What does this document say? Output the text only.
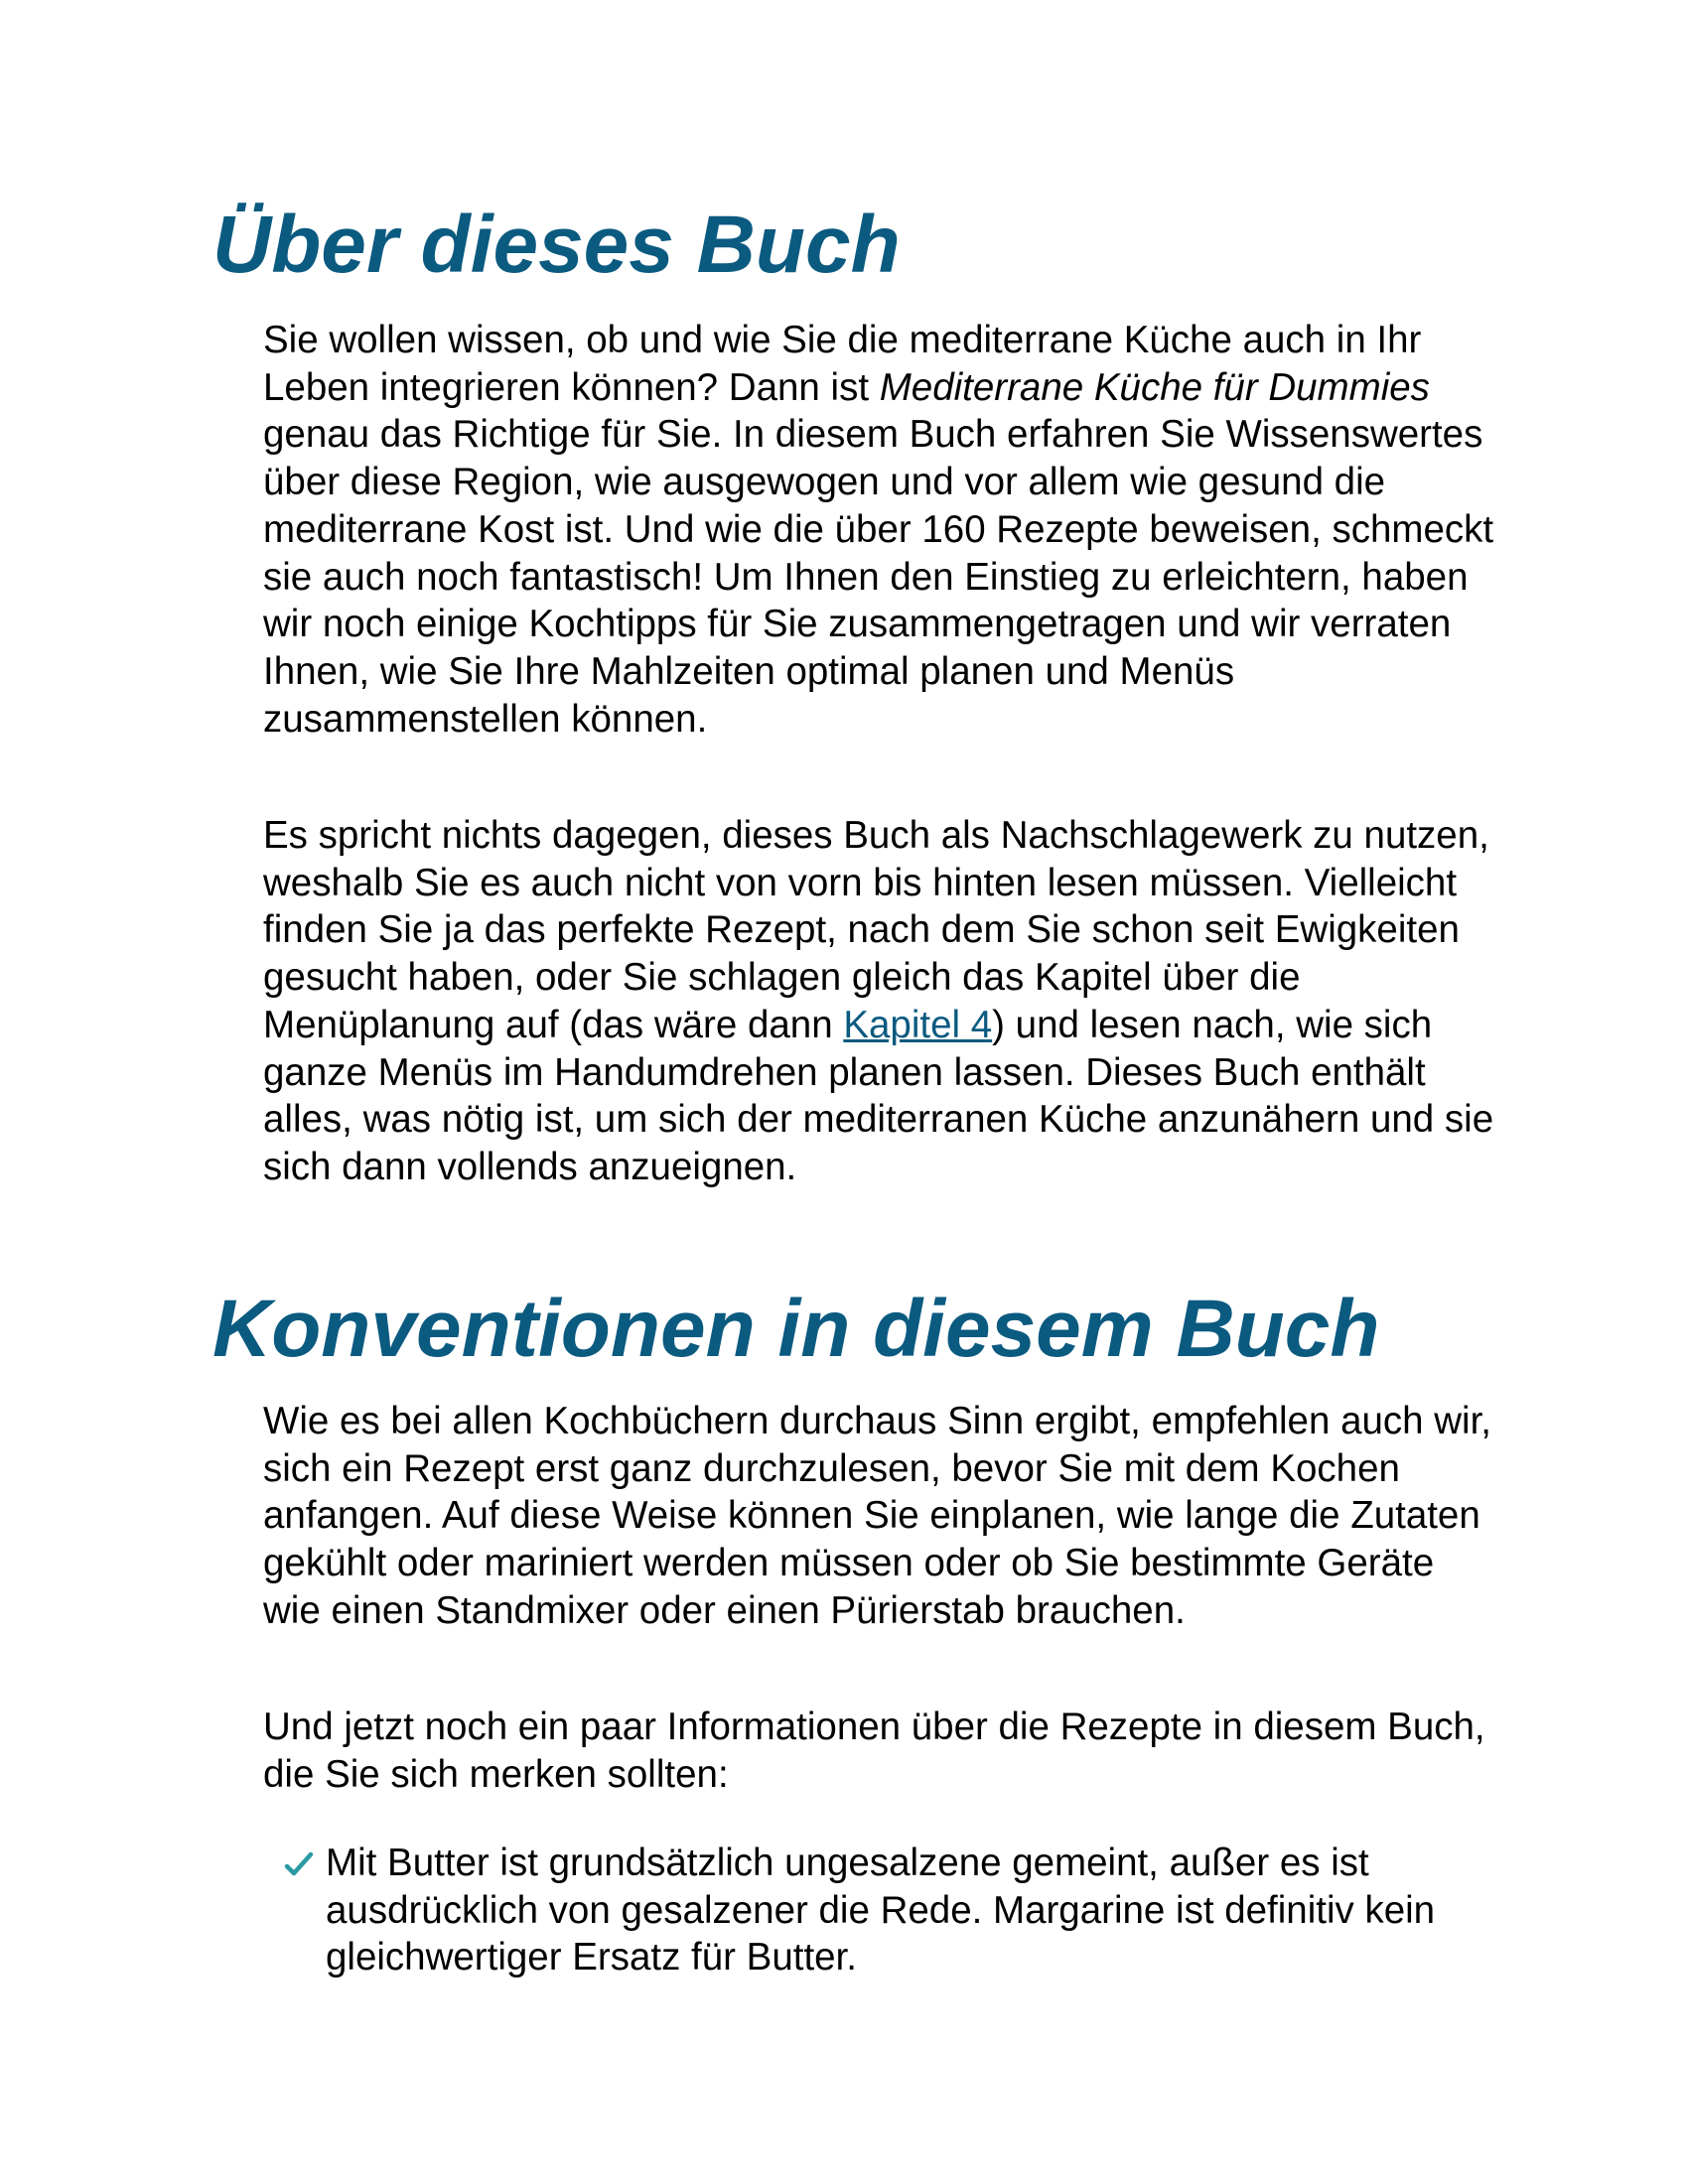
Über dieses Buch

Sie wollen wissen, ob und wie Sie die mediterrane Küche auch in Ihr Leben integrieren können? Dann ist Mediterrane Küche für Dummies genau das Richtige für Sie. In diesem Buch erfahren Sie Wissenswertes über diese Region, wie ausgewogen und vor allem wie gesund die mediterrane Kost ist. Und wie die über 160 Rezepte beweisen, schmeckt sie auch noch fantastisch! Um Ihnen den Einstieg zu erleichtern, haben wir noch einige Kochtipps für Sie zusammengetragen und wir verraten Ihnen, wie Sie Ihre Mahlzeiten optimal planen und Menüs zusammenstellen können.

Es spricht nichts dagegen, dieses Buch als Nachschlagewerk zu nutzen, weshalb Sie es auch nicht von vorn bis hinten lesen müssen. Vielleicht finden Sie ja das perfekte Rezept, nach dem Sie schon seit Ewigkeiten gesucht haben, oder Sie schlagen gleich das Kapitel über die Menüplanung auf (das wäre dann Kapitel 4) und lesen nach, wie sich ganze Menüs im Handumdrehen planen lassen. Dieses Buch enthält alles, was nötig ist, um sich der mediterranen Küche anzunähern und sie sich dann vollends anzueignen.

Konventionen in diesem Buch

Wie es bei allen Kochbüchern durchaus Sinn ergibt, empfehlen auch wir, sich ein Rezept erst ganz durchzulesen, bevor Sie mit dem Kochen anfangen. Auf diese Weise können Sie einplanen, wie lange die Zutaten gekühlt oder mariniert werden müssen oder ob Sie bestimmte Geräte wie einen Standmixer oder einen Pürierstab brauchen.

Und jetzt noch ein paar Informationen über die Rezepte in diesem Buch, die Sie sich merken sollten:

Mit Butter ist grundsätzlich ungesalzene gemeint, außer es ist ausdrücklich von gesalzener die Rede. Margarine ist definitiv kein gleichwertiger Ersatz für Butter.
